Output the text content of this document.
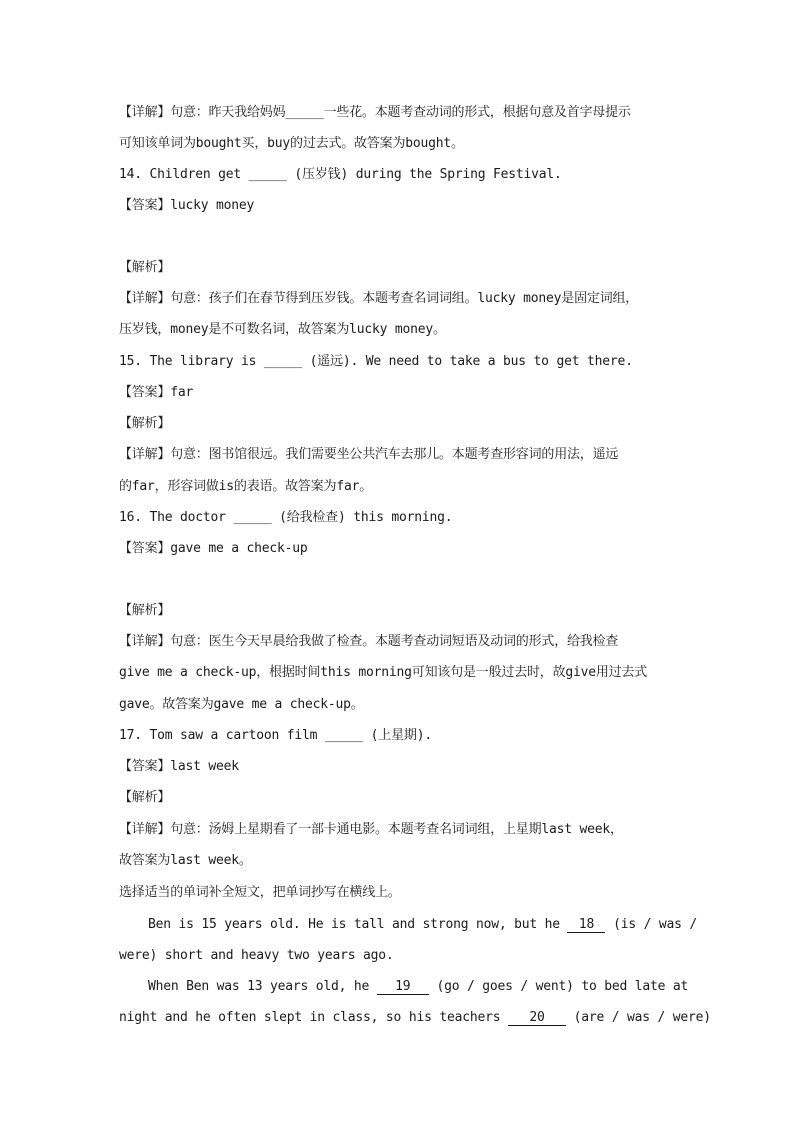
【详解】句意：昨天我给妈妈_____一些花。本题考查动词的形式，根据句意及首字母提示
可知该单词为bought买，buy的过去式。故答案为bought。
14. Children get _____ (压岁钱) during the Spring Festival.
【答案】lucky money
【解析】
【详解】句意：孩子们在春节得到压岁钱。本题考查名词词组。lucky money是固定词组，
压岁钱，money是不可数名词，故答案为lucky money。
15. The library is _____ (遥远). We need to take a bus to get there.
【答案】far
【解析】
【详解】句意：图书馆很远。我们需要坐公共汽车去那儿。本题考查形容词的用法，遥远
的far，形容词做is的表语。故答案为far。
16. The doctor _____ (给我检查) this morning.
【答案】gave me a check-up
【解析】
【详解】句意：医生今天早晨给我做了检查。本题考查动词短语及动词的形式，给我检查
give me a check-up，根据时间this morning可知该句是一般过去时，故give用过去式
gave。故答案为gave me a check-up。
17. Tom saw a cartoon film _____ (上星期).
【答案】last week
【解析】
【详解】句意：汤姆上星期看了一部卡通电影。本题考查名词词组，上星期last week，
故答案为last week。
选择适当的单词补全短文，把单词抄写在横线上。
Ben is 15 years old. He is tall and strong now, but he 18 (is / was /
were) short and heavy two years ago.
When Ben was 13 years old, he 19 (go / goes / went) to bed late at
night and he often slept in class, so his teachers 20 (are / was / were)
